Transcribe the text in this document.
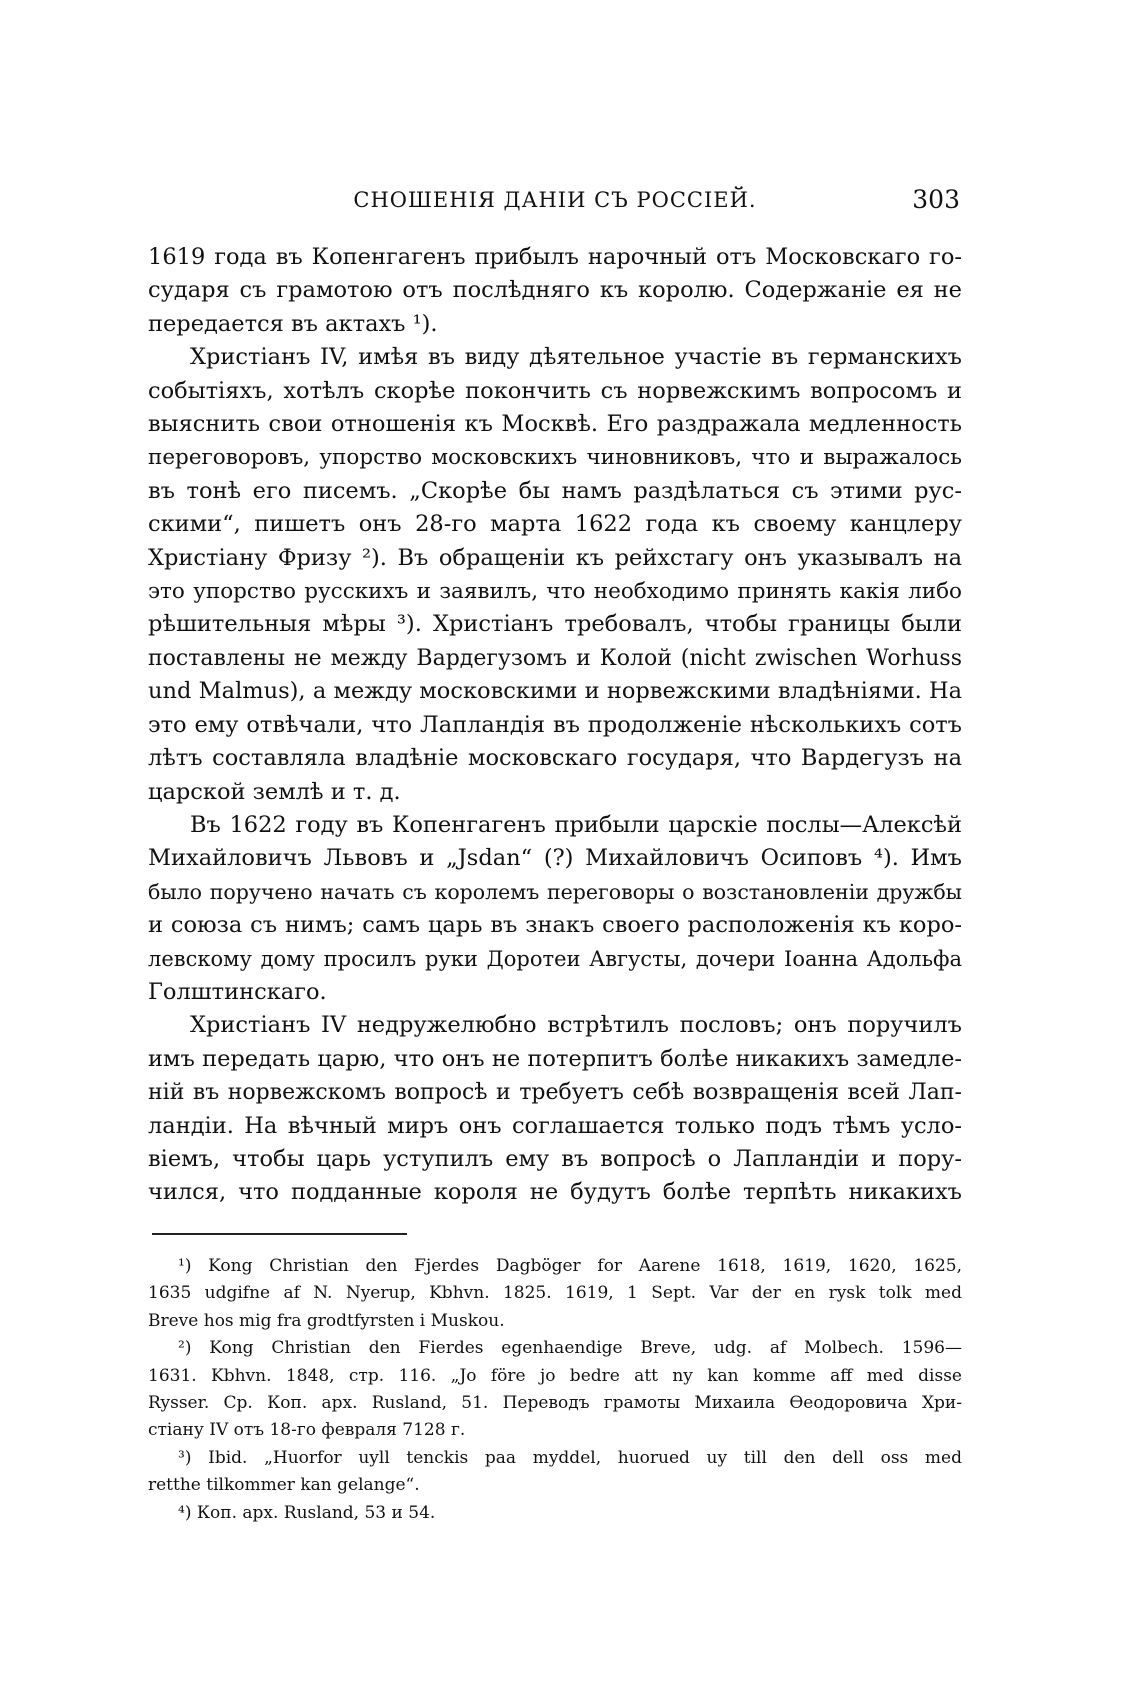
СНОШЕНІЯ ДАНІИ СЪ РОССІЕЙ.	303
1619 года въ Копенгагенъ прибылъ нарочный отъ Московскаго го-
сударя съ грамотою отъ послѣдняго къ королю. Содержаніе ея не
передается въ актахъ ¹).
Христіанъ IV, имѣя въ виду дѣятельное участіе въ германскихъ
событіяхъ, хотѣлъ скорѣе покончить съ норвежскимъ вопросомъ и
выяснить свои отношенія къ Москвѣ. Его раздражала медленность
переговоровъ, упорство московскихъ чиновниковъ, что и выражалось
въ тонѣ его писемъ. „Скорѣе бы намъ раздѣлаться съ этими рус-
скими“, пишетъ онъ 28-го марта 1622 года къ своему канцлеру
Христіану Фризу ²). Въ обращеніи къ рейхстагу онъ указывалъ на
это упорство русскихъ и заявилъ, что необходимо принять какія либо
рѣшительныя мѣры ³). Христіанъ требовалъ, чтобы границы были
поставлены не между Вардегузомъ и Колой (nicht zwischen Worhuss
und Malmus), а между московскими и норвежскими владѣніями. На
это ему отвѣчали, что Лапландія въ продолженіе нѣсколькихъ сотъ
лѣтъ составляла владѣніе московскаго государя, что Вардегузъ на
царской землѣ и т. д.
Въ 1622 году въ Копенгагенъ прибыли царскіе послы—Алексѣй
Михайловичъ Львовъ и „Jsdan“ (?) Михайловичъ Осиповъ ⁴). Имъ
было поручено начать съ королемъ переговоры о возстановленіи дружбы
и союза съ нимъ; самъ царь въ знакъ своего расположенія къ коро-
левскому дому просилъ руки Доротеи Августы, дочери Іоанна Адольфа
Голштинскаго.
Христіанъ IV недружелюбно встрѣтилъ пословъ; онъ поручилъ
имъ передать царю, что онъ не потерпитъ болѣе никакихъ замедле-
ній въ норвежскомъ вопросѣ и требуетъ себѣ возвращенія всей Лап-
ландіи. На вѣчный миръ онъ соглашается только подъ тѣмъ усло-
віемъ, чтобы царь уступилъ ему въ вопросѣ о Лапландіи и пору-
чился, что подданные короля не будутъ болѣе терпѣть никакихъ
¹) Kong Christian den Fjerdes Dagböger for Aarene 1618, 1619, 1620, 1625,
1635 udgifne af N. Nyerup, Kbhvn. 1825. 1619, 1 Sept. Var der en rysk tolk med
Breve hos mig fra grodtfyrsten i Muskou.
²) Kong Christian den Fierdes egenhaendige Breve, udg. af Molbech. 1596—
1631. Kbhvn. 1848, стр. 116. „Jo före jo bedre att ny kan komme aff med disse
Rysser. Ср. Коп. арх. Rusland, 51. Переводъ грамоты Михаила Өеодоровича Хри-
стіану IV отъ 18-го февраля 7128 г.
³) Ibid. „Huorfor uyll tenckis paa myddel, huorued uy till den dell oss med
retthe tilkommer kan gelange“.
⁴) Коп. арх. Rusland, 53 и 54.
